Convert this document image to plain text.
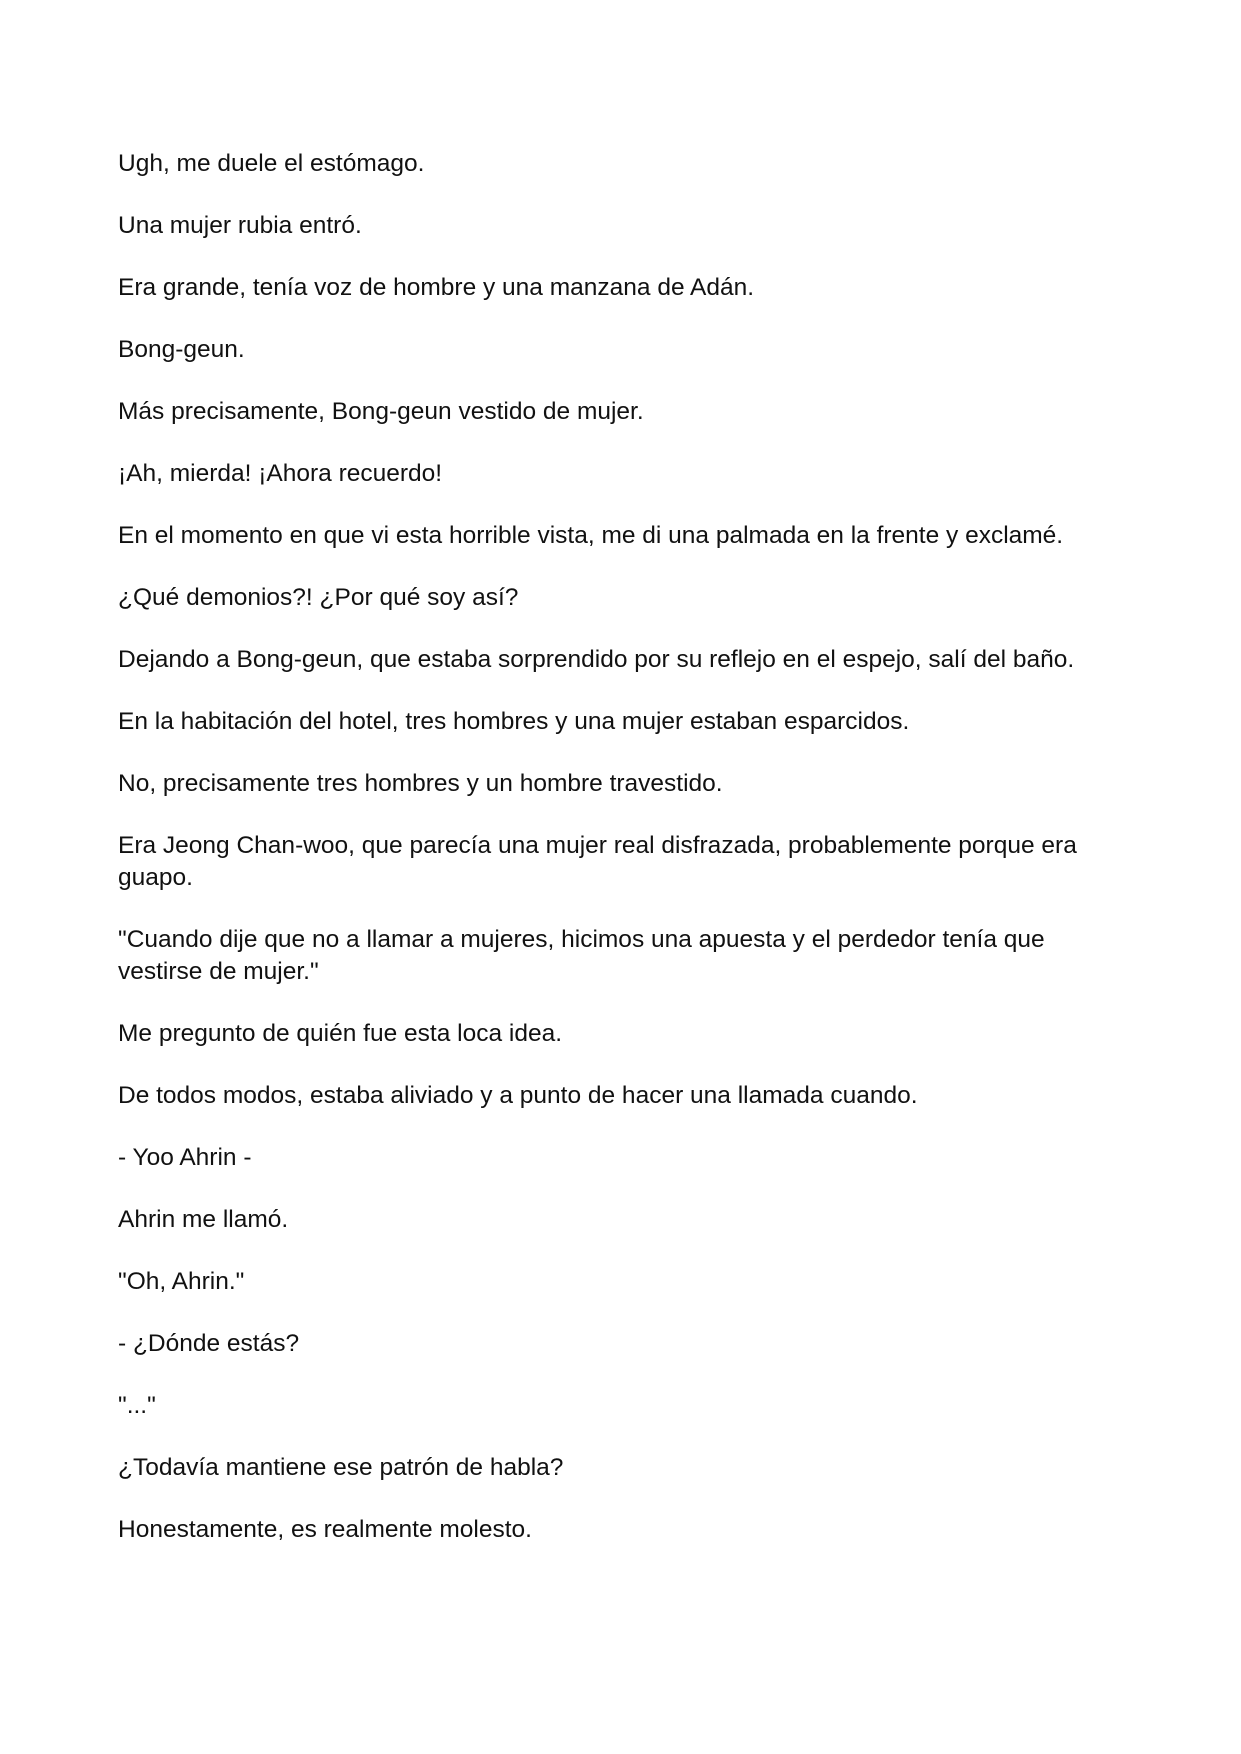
Ugh, me duele el estómago.

Una mujer rubia entró.

Era grande, tenía voz de hombre y una manzana de Adán.

Bong-geun.

Más precisamente, Bong-geun vestido de mujer.

¡Ah, mierda! ¡Ahora recuerdo!

En el momento en que vi esta horrible vista, me di una palmada en la frente y exclamé.

¿Qué demonios?! ¿Por qué soy así?

Dejando a Bong-geun, que estaba sorprendido por su reflejo en el espejo, salí del baño.

En la habitación del hotel, tres hombres y una mujer estaban esparcidos.

No, precisamente tres hombres y un hombre travestido.

Era Jeong Chan-woo, que parecía una mujer real disfrazada, probablemente porque era guapo.

"Cuando dije que no a llamar a mujeres, hicimos una apuesta y el perdedor tenía que vestirse de mujer."

Me pregunto de quién fue esta loca idea.

De todos modos, estaba aliviado y a punto de hacer una llamada cuando.

- Yoo Ahrin -

Ahrin me llamó.

"Oh, Ahrin."

- ¿Dónde estás?

"..."

¿Todavía mantiene ese patrón de habla?

Honestamente, es realmente molesto.
